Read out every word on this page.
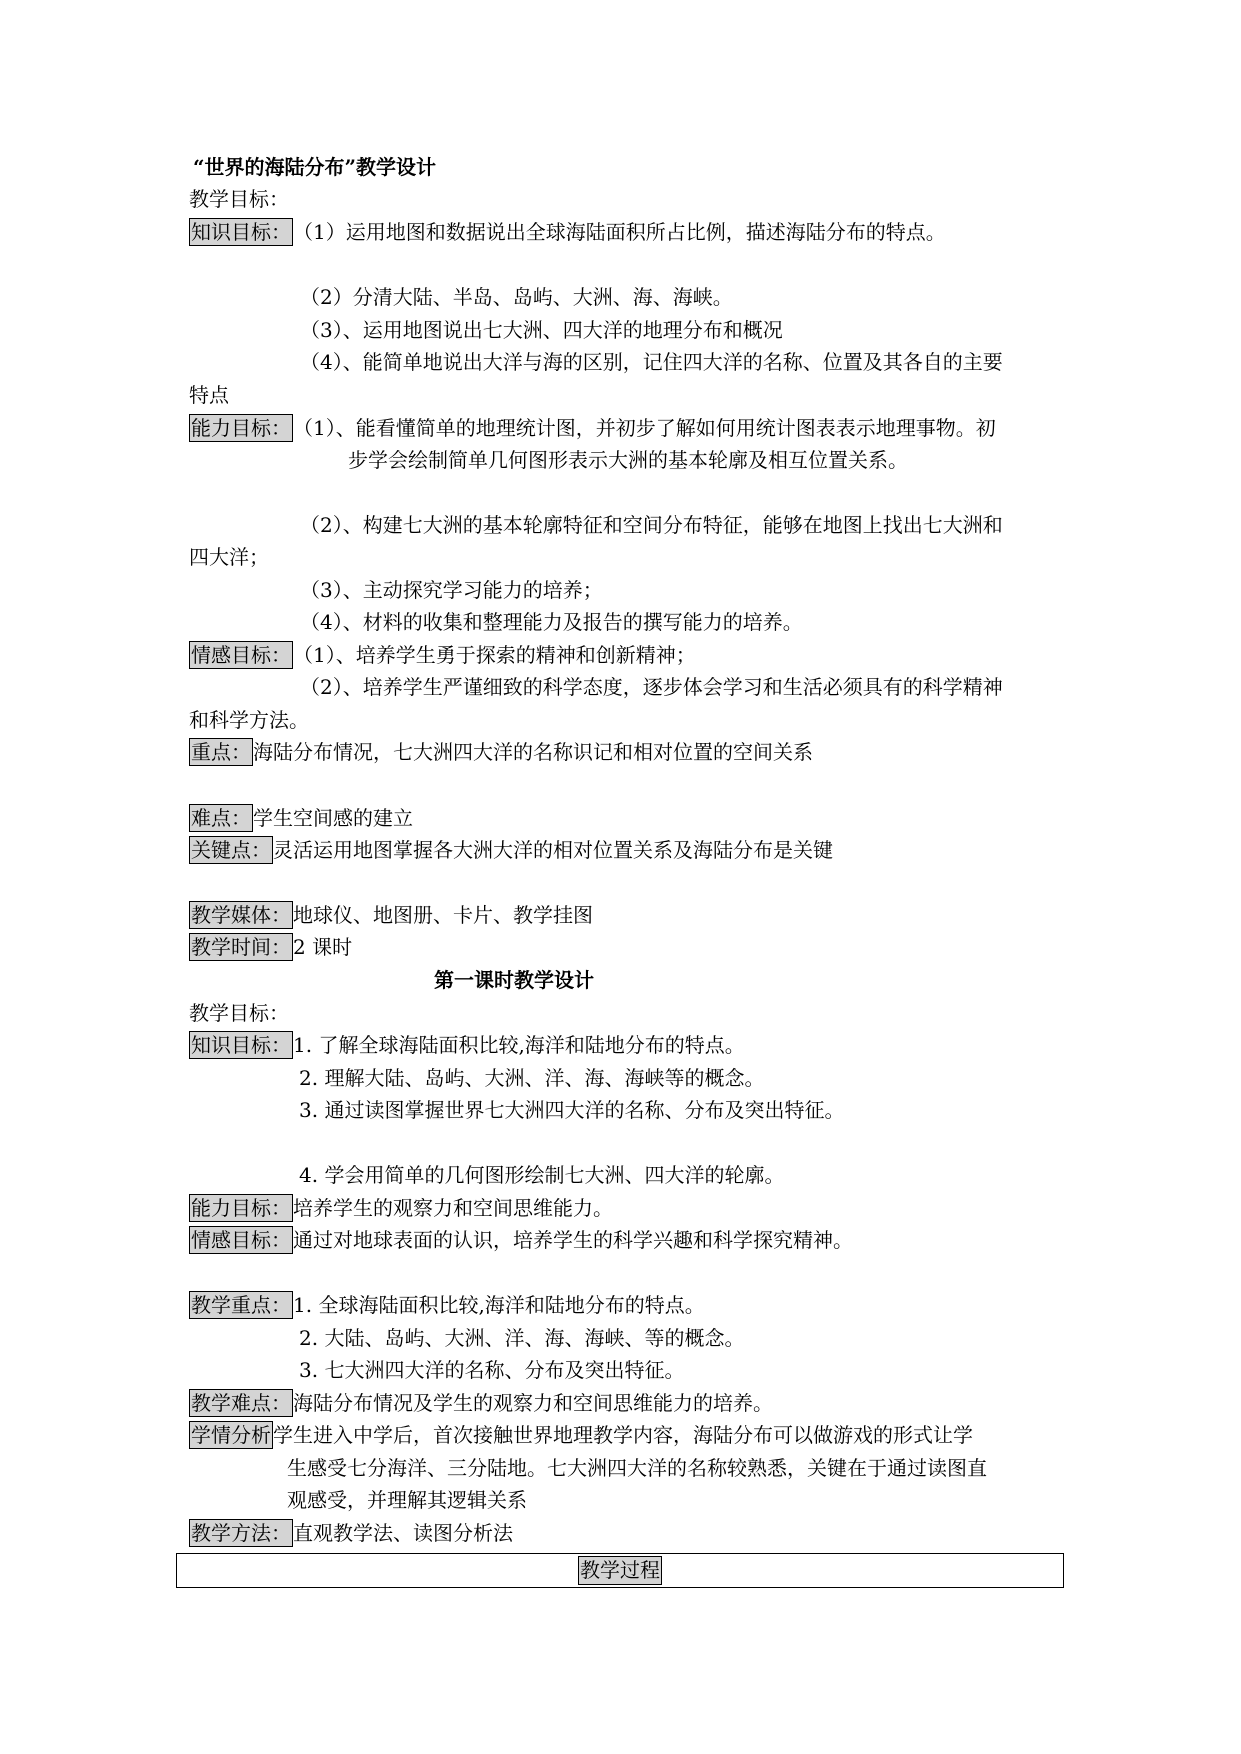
“世界的海陆分布”教学设计
教学目标：
知识目标： （1）运用地图和数据说出全球海陆面积所占比例，描述海陆分布的特点。
（2）分清大陆、半岛、岛屿、大洲、海、海峡。
（3）、运用地图说出七大洲、四大洋的地理分布和概况
（4）、能简单地说出大洋与海的区别，记住四大洋的名称、位置及其各自的主要
特点
能力目标： （1）、能看懂简单的地理统计图，并初步了解如何用统计图表表示地理事物。初
步学会绘制简单几何图形表示大洲的基本轮廓及相互位置关系。
（2）、构建七大洲的基本轮廓特征和空间分布特征，能够在地图上找出七大洲和
四大洋；
（3）、主动探究学习能力的培养；
（4）、材料的收集和整理能力及报告的撰写能力的培养。
情感目标： （1）、培养学生勇于探索的精神和创新精神；
（2）、培养学生严谨细致的科学态度，逐步体会学习和生活必须具有的科学精神
和科学方法。
重点： 海陆分布情况，七大洲四大洋的名称识记和相对位置的空间关系
难点： 学生空间感的建立
关键点： 灵活运用地图掌握各大洲大洋的相对位置关系及海陆分布是关键
教学媒体： 地球仪、地图册、卡片、教学挂图
教学时间： 2 课时
第一课时教学设计
教学目标：
知识目标： 1. 了解全球海陆面积比较,海洋和陆地分布的特点。
2. 理解大陆、岛屿、大洲、洋、海、海峡等的概念。
3. 通过读图掌握世界七大洲四大洋的名称、分布及突出特征。
4. 学会用简单的几何图形绘制七大洲、四大洋的轮廓。
能力目标： 培养学生的观察力和空间思维能力。
情感目标： 通过对地球表面的认识，培养学生的科学兴趣和科学探究精神。
教学重点： 1. 全球海陆面积比较,海洋和陆地分布的特点。
2. 大陆、岛屿、大洲、洋、海、海峡、等的概念。
3. 七大洲四大洋的名称、分布及突出特征。
教学难点： 海陆分布情况及学生的观察力和空间思维能力的培养。
学情分析 学生进入中学后，首次接触世界地理教学内容，海陆分布可以做游戏的形式让学
生感受七分海洋、三分陆地。七大洲四大洋的名称较熟悉，关键在于通过读图直
观感受，并理解其逻辑关系
教学方法： 直观教学法、读图分析法
教学过程
